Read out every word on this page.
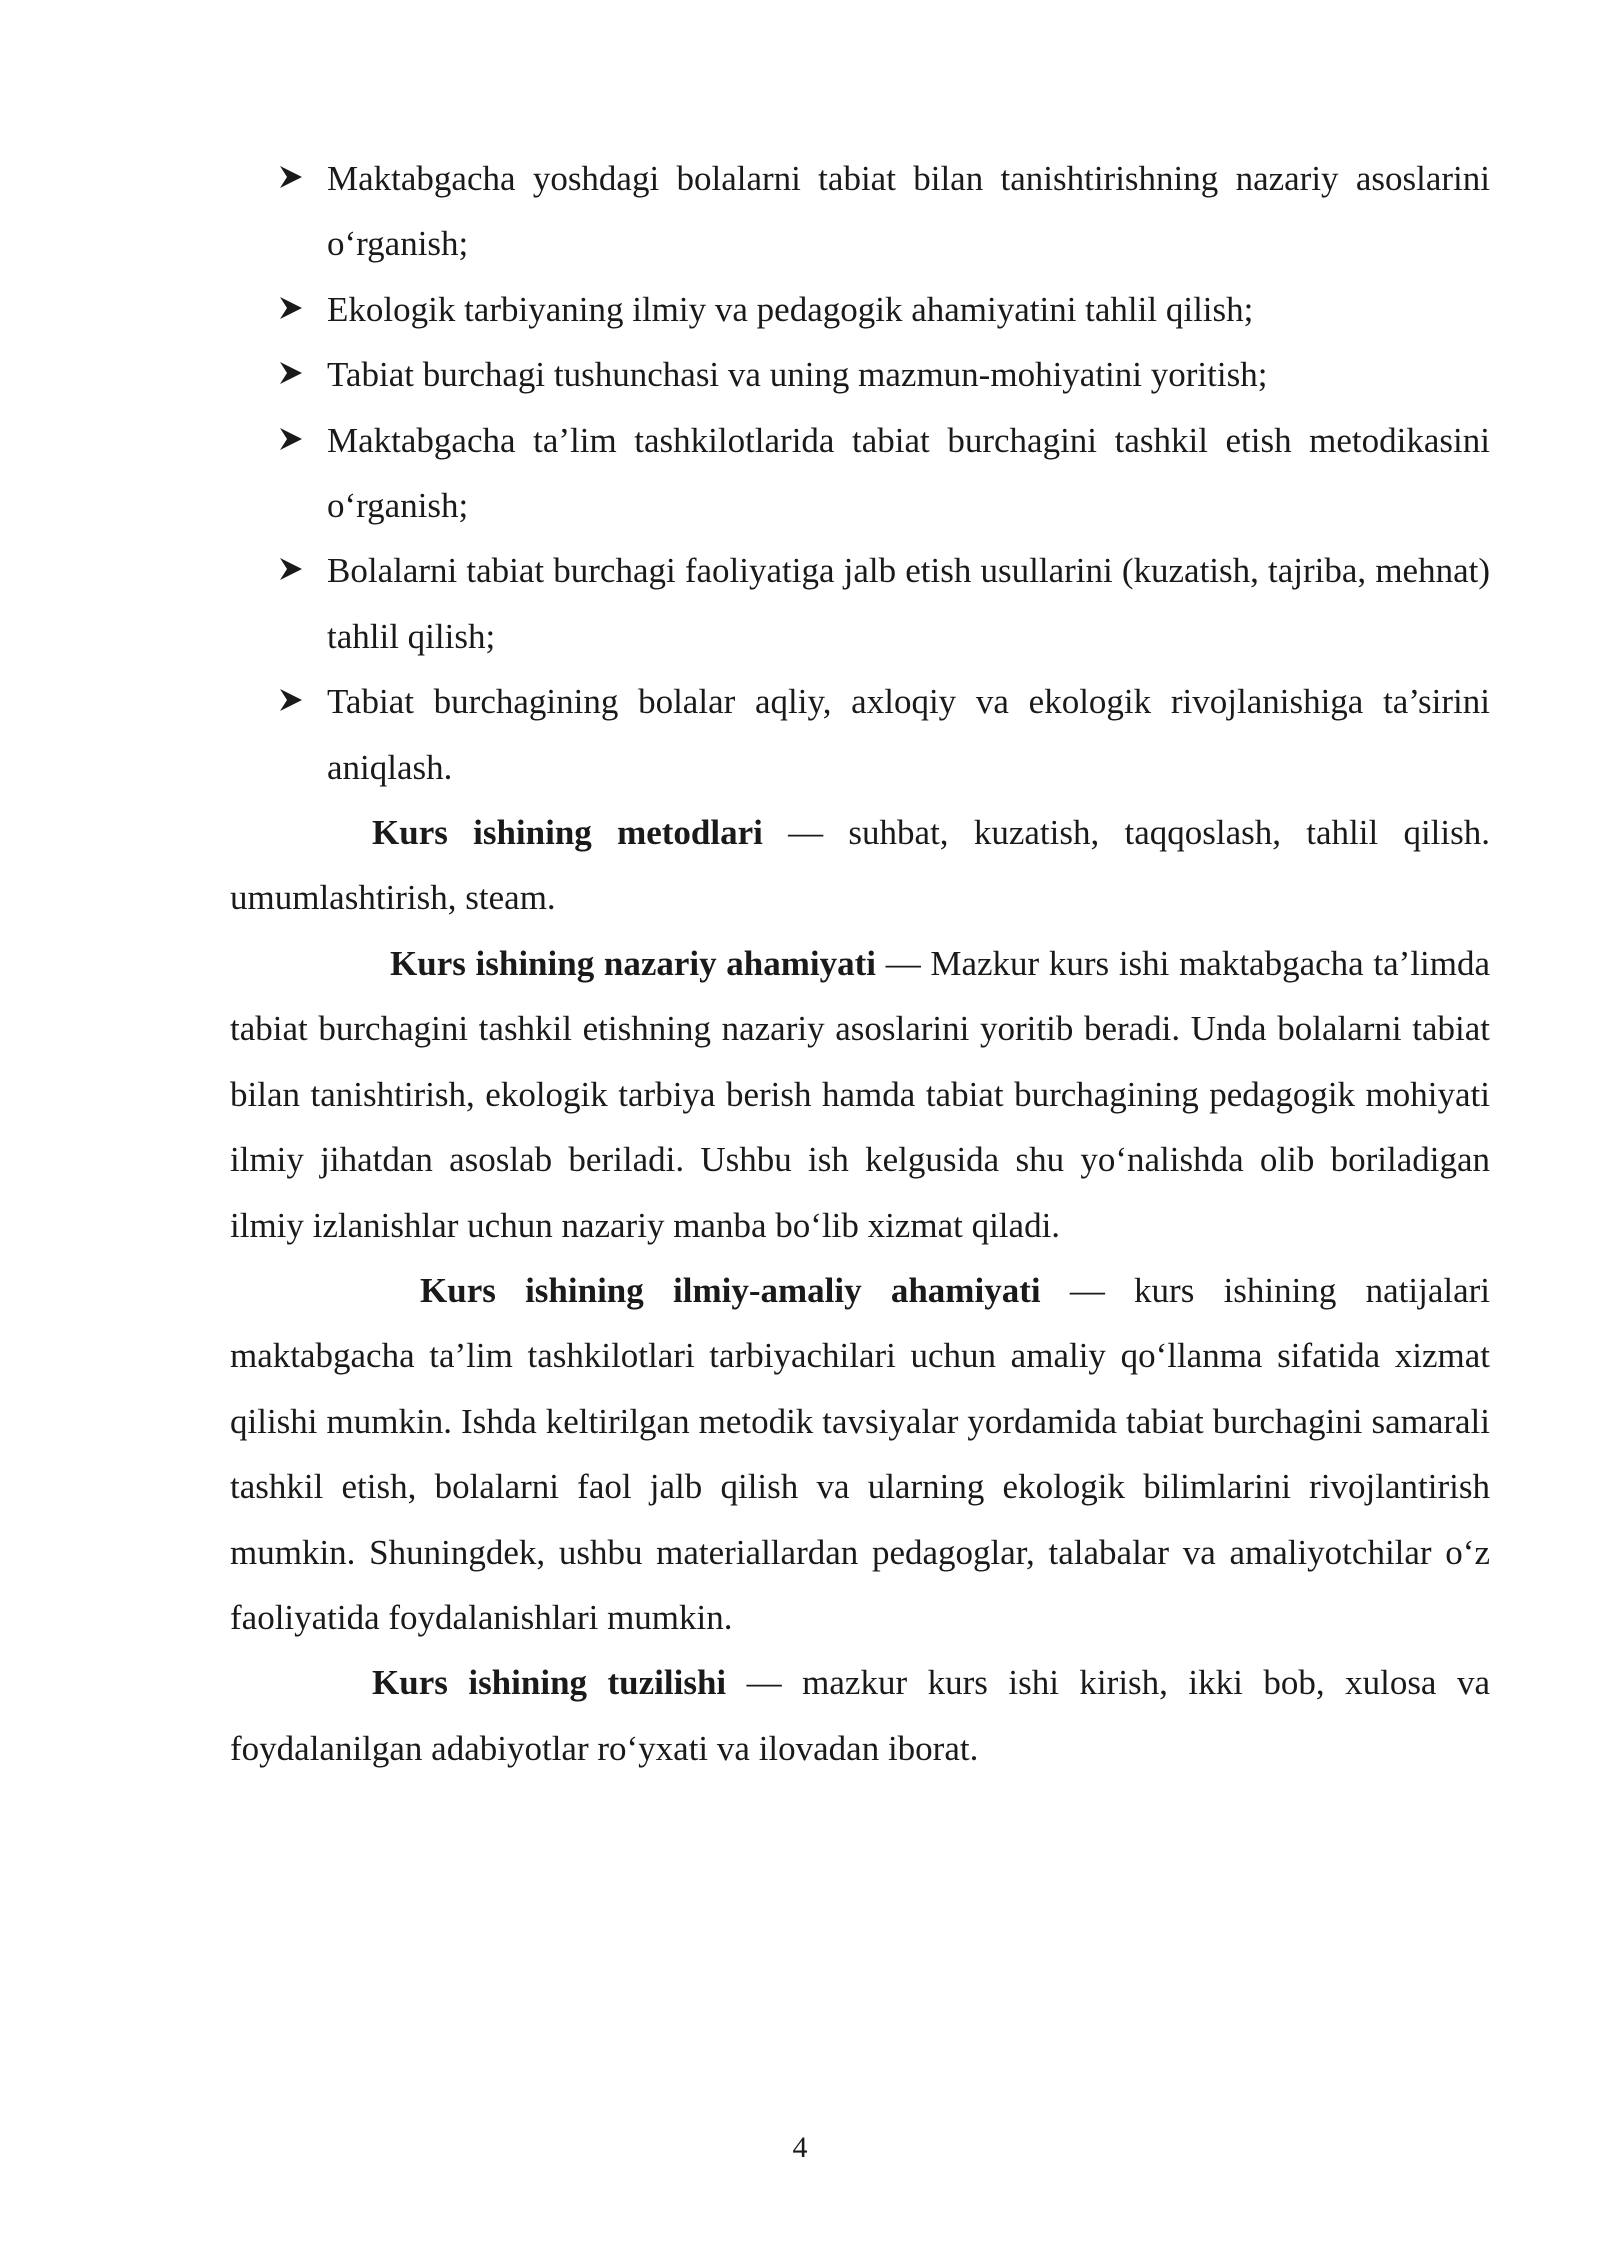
Maktabgacha yoshdagi bolalarni tabiat bilan tanishtirishning nazariy asoslarini o‘rganish;
Ekologik tarbiyaning ilmiy va pedagogik ahamiyatini tahlil qilish;
Tabiat burchagi tushunchasi va uning mazmun-mohiyatini yoritish;
Maktabgacha ta’lim tashkilotlarida tabiat burchagini tashkil etish metodikasini o‘rganish;
Bolalarni tabiat burchagi faoliyatiga jalb etish usullarini (kuzatish, tajriba, mehnat) tahlil qilish;
Tabiat burchagining bolalar aqliy, axloqiy va ekologik rivojlanishiga ta’sirini aniqlash.

Kurs ishining metodlari — suhbat, kuzatish, taqqoslash, tahlil qilish. umumlashtirish, steam.

Kurs ishining nazariy ahamiyati — Mazkur kurs ishi maktabgacha ta’limda tabiat burchagini tashkil etishning nazariy asoslarini yoritib beradi. Unda bolalarni tabiat bilan tanishtirish, ekologik tarbiya berish hamda tabiat burchagining pedagogik mohiyati ilmiy jihatdan asoslab beriladi. Ushbu ish kelgusida shu yo‘nalishda olib boriladigan ilmiy izlanishlar uchun nazariy manba bo‘lib xizmat qiladi.

Kurs ishining ilmiy-amaliy ahamiyati — kurs ishining natijalari maktabgacha ta’lim tashkilotlari tarbiyachilari uchun amaliy qo‘llanma sifatida xizmat qilishi mumkin. Ishda keltirilgan metodik tavsiyalar yordamida tabiat burchagini samarali tashkil etish, bolalarni faol jalb qilish va ularning ekologik bilimlarini rivojlantirish mumkin. Shuningdek, ushbu materiallardan pedagoglar, talabalar va amaliyotchilar o‘z faoliyatida foydalanishlari mumkin.

Kurs ishining tuzilishi — mazkur kurs ishi kirish, ikki bob, xulosa va foydalanilgan adabiyotlar ro‘yxati va ilovadan iborat.

4
